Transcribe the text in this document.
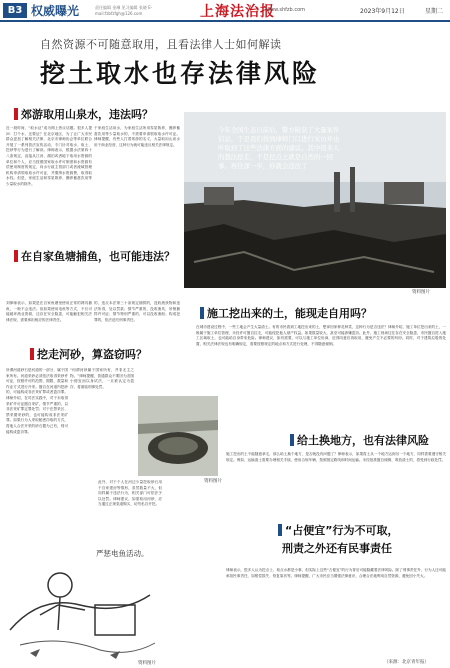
B3 权威曝光	责任编辑 金琳 见习编辑 张晓 E-mail:fzbfzfgh@126.com	上海法治报
www.shfzb.com	2023年9月12日	星期二
自然资源不可随意取用，且看法律人士如何解读
挖土取水也存法律风险
郊游取用山泉水，违法吗？
近一段时间，“取水证”成为网上热议话题。很多人提问：打个水，还要证？在北京地区，为了让广大市民群众更加了解相关法律，北京市律师协会等单位联合开展了一系列普法宣传活动，专门针对取水、取土、挖砂等行为进行了解读。律师表示，根据水法第四十八条规定，直接从江河、湖泊或者地下取用水资源的单位和个人，应当按照国家取水许可制度和水资源有偿使用制度的规定，向水行政主管部门或者流域管理机构申请领取取水许可证，并缴纳水资源费，取得取水权。但是，家庭生活和零星散养、圈养畜禽饮用等少量取水的除外。
于家庭生活用水，为家庭生活所用零星散养、圈养畜禽饮用等少量取水的，不需要申请领取取水许可证。律师提醒，有些人打着郊游的名义，大量取用山泉水用于商业经营，这种行为就可能违反相关法律规定。
今年全国生态日前后，警方破获了大量案件信息。于是我们找到律师门口进行采访并也听取到了这些法律方面的建议。其中很多人的想法挖走，不是挖点土就是自然的一回事。再往深一步，你就会违法了
资料图片
在自家鱼塘捕鱼，也可能违法？
刘律师表示，如果是在自家鱼塘里使用正常的网具捕鱼，一般不会违法。但如果使用电鱼等方式，不仅可能破坏渔业资源，还存在安全隐患，可能触犯相关法律法规，需要承担相应的法律责任。
的，违反本法第三十条规定捕捞的，没收渔获物和违法所得，处以罚款；情节严重的，没收渔具，吊销捕捞许可证；情节特别严重的，可以没收渔船；构成犯罪的，依法追究刑事责任。
挖走河砂，算盗窃吗？
所谓河道砂石是河道的一部分，属于国家所有。河道采砂必须依法取得采砂许可证，按照许可的范围、期限、数量和作业方式进行开采。擅自在河道内挖砂的，可能构成非法采矿罪或者盗窃罪。律师介绍，在司法实践中，对于未取得采矿许可证擅自采矿，情节严重的，以非法采矿罪定罪处罚；对于在禁采区、禁采期采砂的，也可能构成非法采矿罪。如果行为人采取秘密窃取的方式，将他人合法开采的砂石据为己有，则可能构成盗窃罪。
“何谓河砂属于国家所有，并非无主之物。”律师提醒，普通群众不要因为贪图小便宜而以身试法，一旦被认定为盗窃，将面临刑事处罚。
此外，对于个人在河边少量挖取砂石用于自家建房等情形，虽然数量不大，但同样属于违法行为，相关部门可依法予以处罚。律师建议，如需取用河砂，应当通过正规渠道购买，切勿私自开挖。
资料图片
严惩电鱼活动。
资料图片
施工挖出来的土，能现走自用吗？
在城市建设过程中，一些工地会产生大量渣土。有的市民看到工地挖出来的土，想拿回家种花种菜，这种行为是否违法？律师介绍，施工单位挖出来的土，一般属于施工单位管理，未经许可擅自拉走，可能侵犯他人财产权益。如果数量较大，甚至可能涉嫌盗窃。此外，施工现场往往存在安全隐患，市民擅自进入施工区域取土，也可能给自身带来危险。律师建议，如有需要，可以与施工单位协商，征得同意后再取用，避免产生不必要的纠纷。同时，对于建筑垃圾的处置，相关法律法规也有明确规定，需要按照规定的地点和方式进行处理，不得随意倾倒。
给土换地方，也有法律风险
施工挖出的土不能随意拿走，那么给土换个地方，是否就没有问题了？律师表示，如果将土从一个地方运到另一个地方，同样需要遵守相关规定。例如，运输渣土需要办理相关手续，使用合规车辆，按照指定路线和时间运输。未经批准擅自倾倒、堆放渣土的，将受到行政处罚。
“占便宜”行为不可取，
刑责之外还有民事责任
律师表示，很多人认为挖点土、取点水都是小事，但实际上这些“占便宜”的行为背后可能隐藏着法律风险。除了刑事责任外，行为人还可能承担民事责任，如赔偿损失、恢复原状等。律师提醒，广大市民应当增强法律意识，合理合法地利用自然资源，避免因小失大。
（来源：北京青年报）
